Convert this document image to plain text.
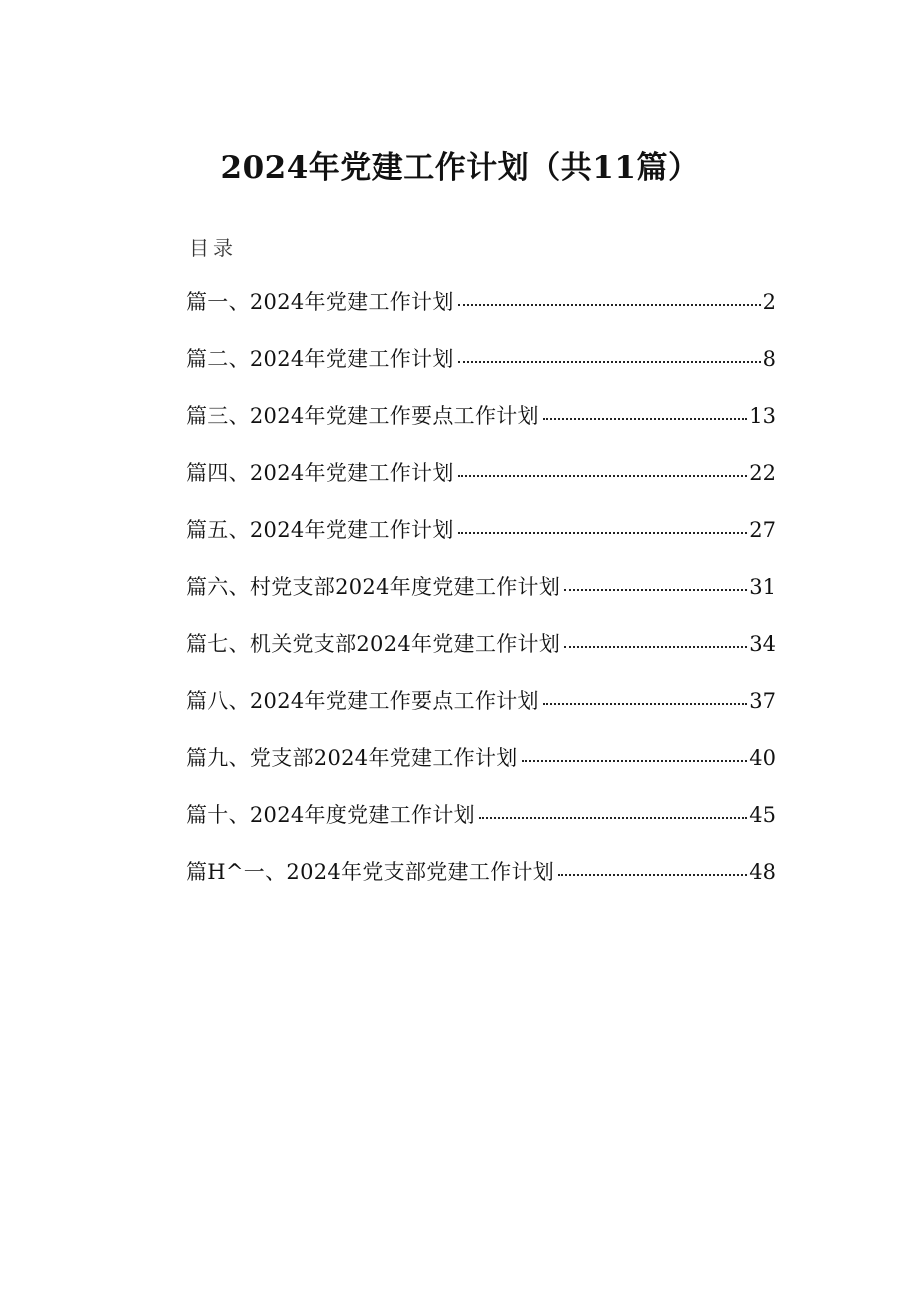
2024年党建工作计划（共11篇）
目录
篇一、2024年党建工作计划	2
篇二、2024年党建工作计划	8
篇三、2024年党建工作要点工作计划	13
篇四、2024年党建工作计划	22
篇五、2024年党建工作计划	27
篇六、村党支部2024年度党建工作计划	31
篇七、机关党支部2024年党建工作计划	34
篇八、2024年党建工作要点工作计划	37
篇九、党支部2024年党建工作计划	40
篇十、2024年度党建工作计划	45
篇H^一、2024年党支部党建工作计划	48
